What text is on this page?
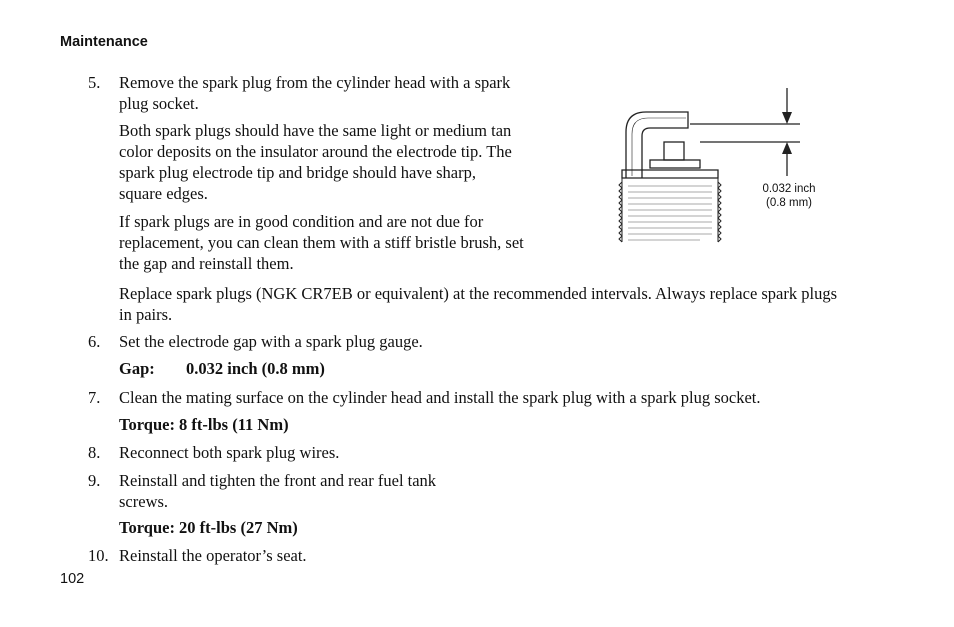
Maintenance
5. Remove the spark plug from the cylinder head with a spark plug socket.

Both spark plugs should have the same light or medium tan color deposits on the insulator around the electrode tip. The spark plug electrode tip and bridge should have sharp, square edges.

If spark plugs are in good condition and are not due for replacement, you can clean them with a stiff bristle brush, set the gap and reinstall them.

Replace spark plugs (NGK CR7EB or equivalent) at the recommended intervals. Always replace spark plugs in pairs.

6. Set the electrode gap with a spark plug gauge.

Gap: 0.032 inch (0.8 mm)

7. Clean the mating surface on the cylinder head and install the spark plug with a spark plug socket.

Torque: 8 ft-lbs (11 Nm)

8. Reconnect both spark plug wires.

9. Reinstall and tighten the front and rear fuel tank screws.

Torque: 20 ft-lbs (27 Nm)

10. Reinstall the operator’s seat.

102
0.032 inch
(0.8 mm)
